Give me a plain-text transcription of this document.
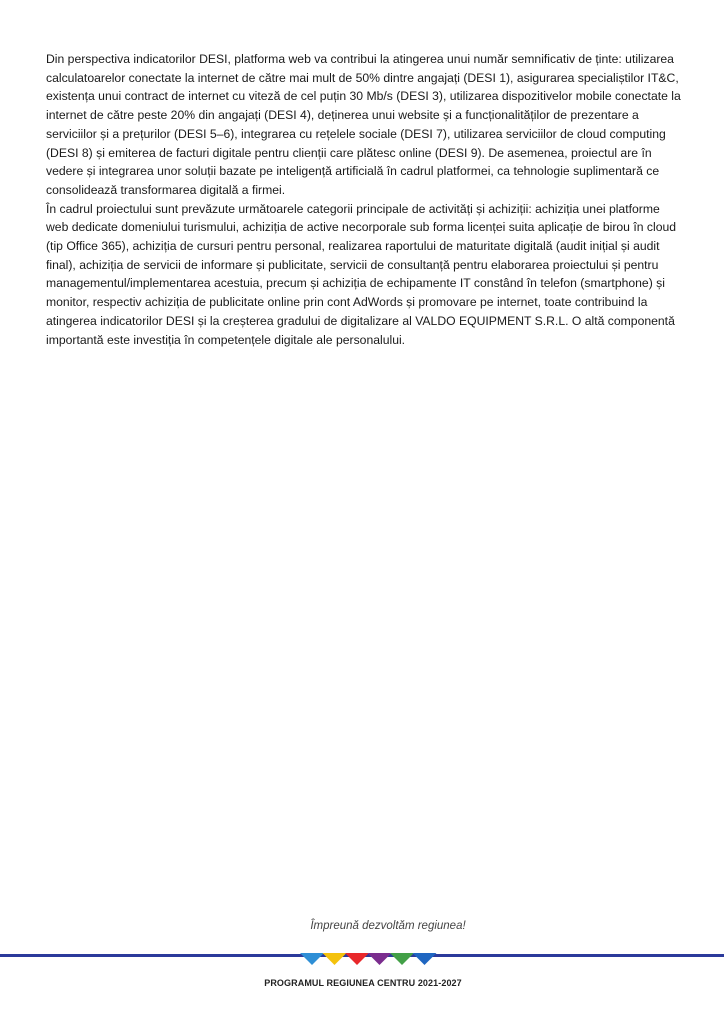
Din perspectiva indicatorilor DESI, platforma web va contribui la atingerea unui număr semnificativ de ținte: utilizarea calculatoarelor conectate la internet de către mai mult de 50% dintre angajați (DESI 1), asigurarea specialiștilor IT&C, existența unui contract de internet cu viteză de cel puțin 30 Mb/s (DESI 3), utilizarea dispozitivelor mobile conectate la internet de către peste 20% din angajați (DESI 4), deținerea unui website și a funcționalităților de prezentare a serviciilor și a prețurilor (DESI 5–6), integrarea cu rețelele sociale (DESI 7), utilizarea serviciilor de cloud computing (DESI 8) și emiterea de facturi digitale pentru clienții care plătesc online (DESI 9). De asemenea, proiectul are în vedere și integrarea unor soluții bazate pe inteligență artificială în cadrul platformei, ca tehnologie suplimentară ce consolidează transformarea digitală a firmei.

În cadrul proiectului sunt prevăzute următoarele categorii principale de activități și achiziții: achiziția unei platforme web dedicate domeniului turismului, achiziția de active necorporale sub forma licenței suita aplicație de birou în cloud (tip Office 365), achiziția de cursuri pentru personal, realizarea raportului de maturitate digitală (audit inițial și audit final), achiziția de servicii de informare și publicitate, servicii de consultanță pentru elaborarea proiectului și pentru managementul/implementarea acestuia, precum și achiziția de echipamente IT constând în telefon (smartphone) și monitor, respectiv achiziția de publicitate online prin cont AdWords și promovare pe internet, toate contribuind la atingerea indicatorilor DESI și la creșterea gradului de digitalizare al VALDO EQUIPMENT S.R.L. O altă componentă importantă este investiția în competențele digitale ale personalului.

Împreună dezvoltăm regiunea!
PROGRAMUL REGIUNEA CENTRU 2021-2027
